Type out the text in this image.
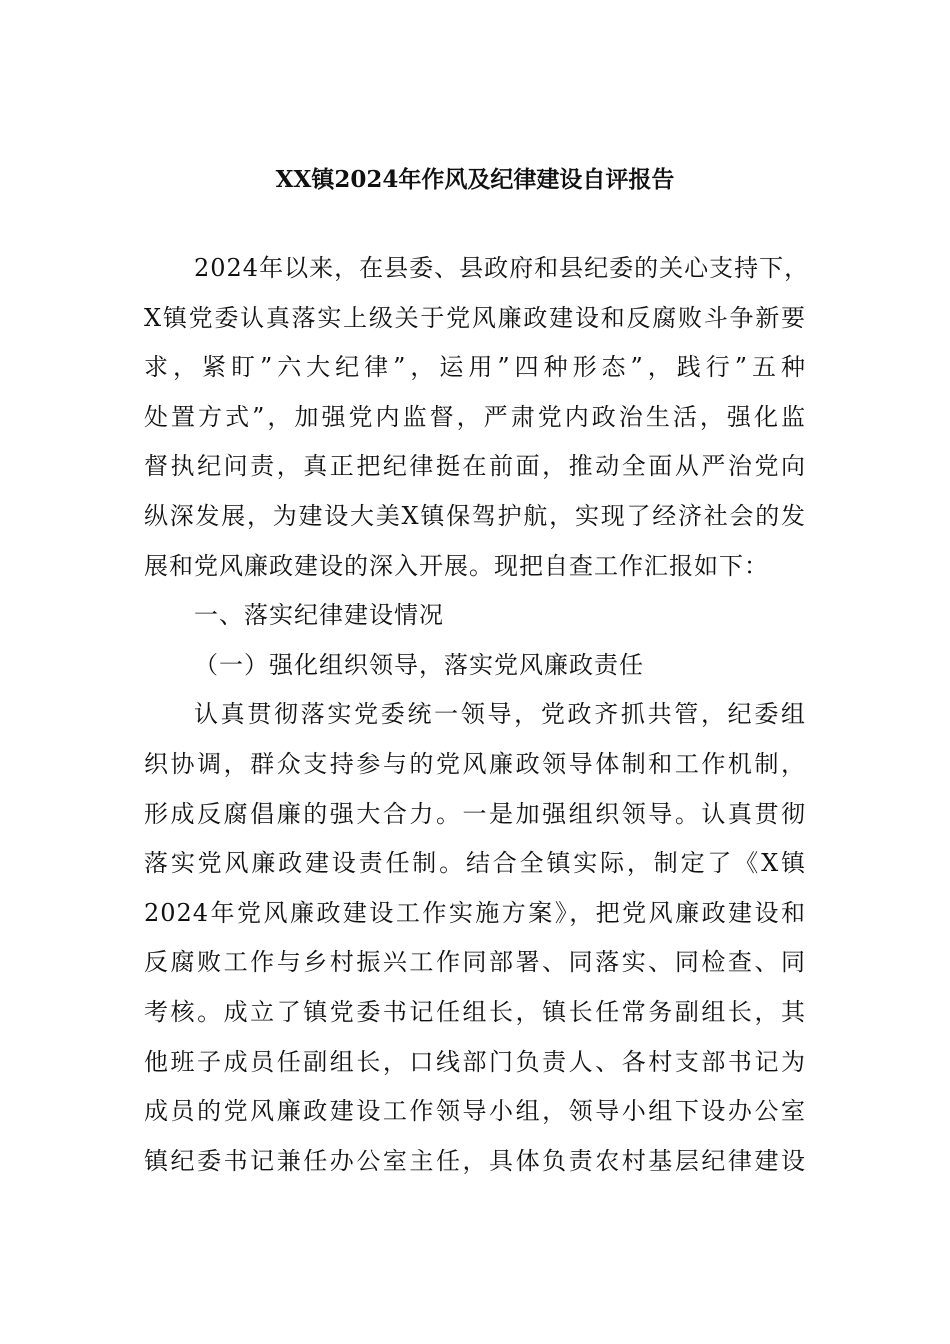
XX镇2024年作风及纪律建设自评报告
2024年以来，在县委、县政府和县纪委的关心支持下，
X镇党委认真落实上级关于党风廉政建设和反腐败斗争新要
求，紧盯”六大纪律”，运用”四种形态”，践行”五种
处置方式”，加强党内监督，严肃党内政治生活，强化监
督执纪问责，真正把纪律挺在前面，推动全面从严治党向
纵深发展，为建设大美X镇保驾护航，实现了经济社会的发
展和党风廉政建设的深入开展。现把自查工作汇报如下：
一、落实纪律建设情况
（一）强化组织领导，落实党风廉政责任
认真贯彻落实党委统一领导，党政齐抓共管，纪委组
织协调，群众支持参与的党风廉政领导体制和工作机制，
形成反腐倡廉的强大合力。一是加强组织领导。认真贯彻
落实党风廉政建设责任制。结合全镇实际，制定了《X镇
2024年党风廉政建设工作实施方案》，把党风廉政建设和
反腐败工作与乡村振兴工作同部署、同落实、同检查、同
考核。成立了镇党委书记任组长，镇长任常务副组长，其
他班子成员任副组长，口线部门负责人、各村支部书记为
成员的党风廉政建设工作领导小组，领导小组下设办公室
镇纪委书记兼任办公室主任，具体负责农村基层纪律建设
